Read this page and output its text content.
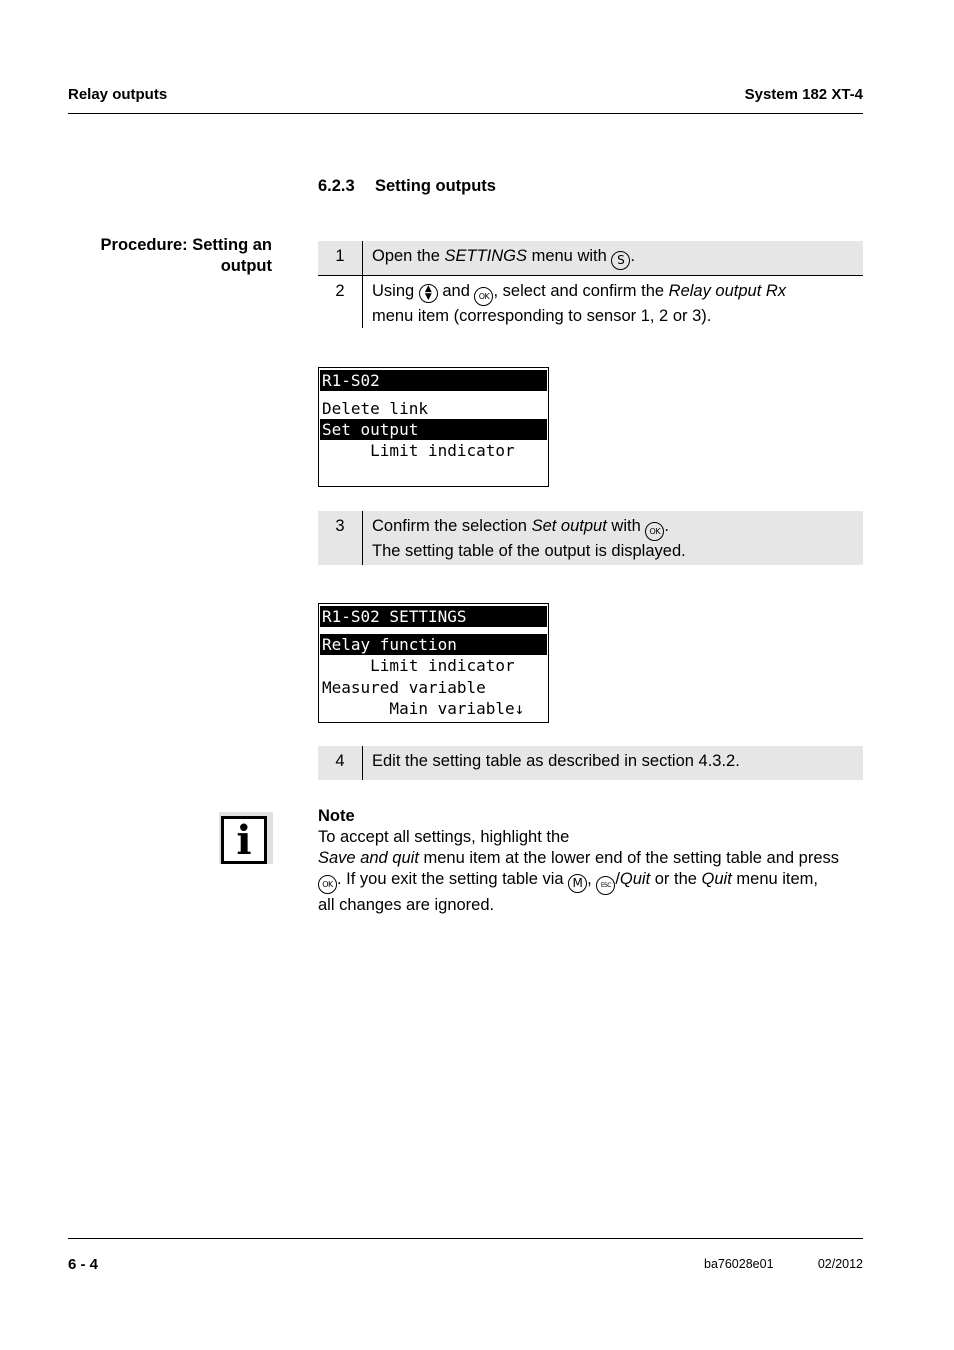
Relay outputs	System 182 XT-4
6.2.3 Setting outputs
Procedure: Setting an
output
1	Open the SETTINGS menu with S .
2	Using ▲
▼ and OK , select and confirm the Relay output Rx
menu item (corresponding to sensor 1, 2 or 3).
R1-S02
Delete link
Set output
Limit indicator
3	Confirm the selection Set output with OK .
The setting table of the output is displayed.
R1-S02 SETTINGS
Relay function
Limit indicator
Measured variable
Main variable↓
4	Edit the setting table as described in section 4.3.2.
i
Note
To accept all settings, highlight the
Save and quit menu item at the lower end of the setting table and press
OK . If you exit the setting table via M , ESC /Quit or the Quit menu item,
all changes are ignored.
6 - 4	ba76028e01	02/2012
